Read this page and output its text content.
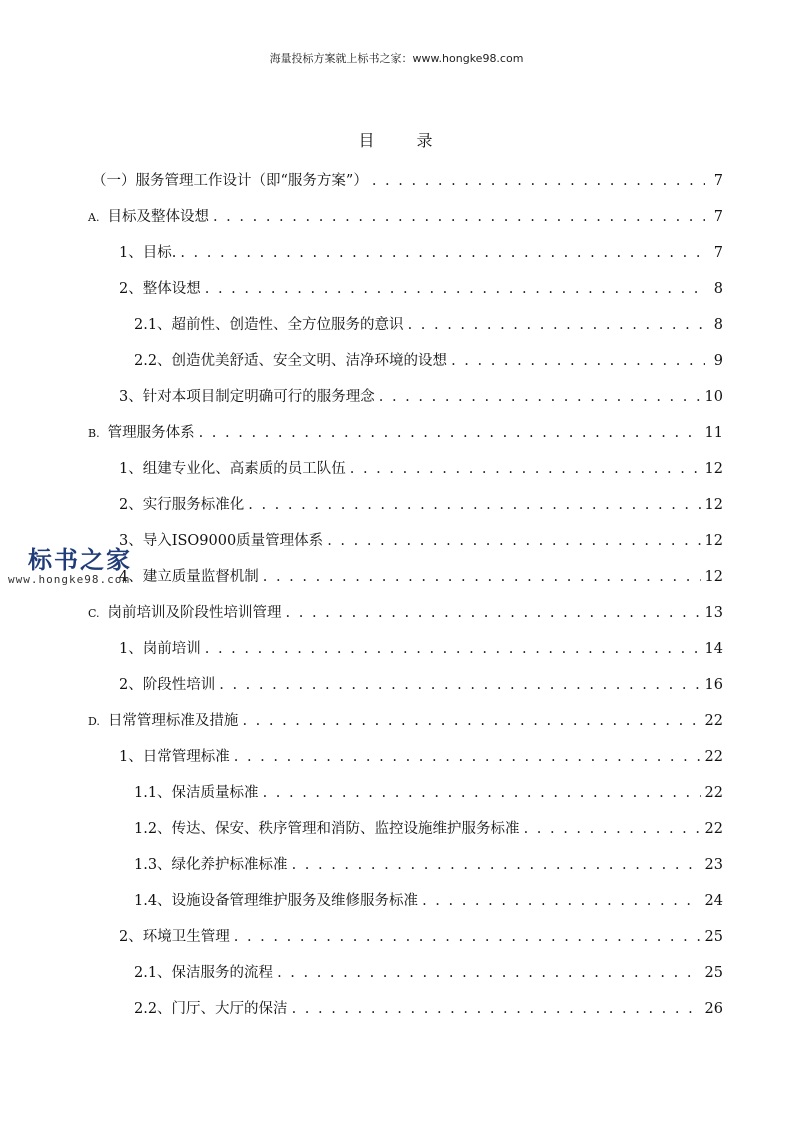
海量投标方案就上标书之家：www.hongke98.com
目	录
（一）服务管理工作设计（即“服务方案”） . . .	7
A. 目标及整体设想 . . .	7
1、目标. . . .	7
2、整体设想 . . .	8
2.1、超前性、创造性、全方位服务的意识 . . .	8
2.2、创造优美舒适、安全文明、洁净环境的设想 . . .	9
3、针对本项目制定明确可行的服务理念 . . .	10
B. 管理服务体系 . . .	11
1、组建专业化、高素质的员工队伍 . . .	12
2、实行服务标准化 . . .	12
3、导入ISO9000质量管理体系 . . .	12
4、建立质量监督机制 . . .	12
C. 岗前培训及阶段性培训管理 . . .	13
1、岗前培训 . . .	14
2、阶段性培训 . . .	16
D. 日常管理标准及措施 . . .	22
1、日常管理标准 . . .	22
1.1、保洁质量标准 . . .	22
1.2、传达、保安、秩序管理和消防、监控设施维护服务标准 . . .	22
1.3、绿化养护标准标准 . . .	23
1.4、设施设备管理维护服务及维修服务标准 . . .	24
2、环境卫生管理 . . .	25
2.1、保洁服务的流程 . . .	25
2.2、门厅、大厅的保洁 . . .	26
标书之家
www.hongke98.com
